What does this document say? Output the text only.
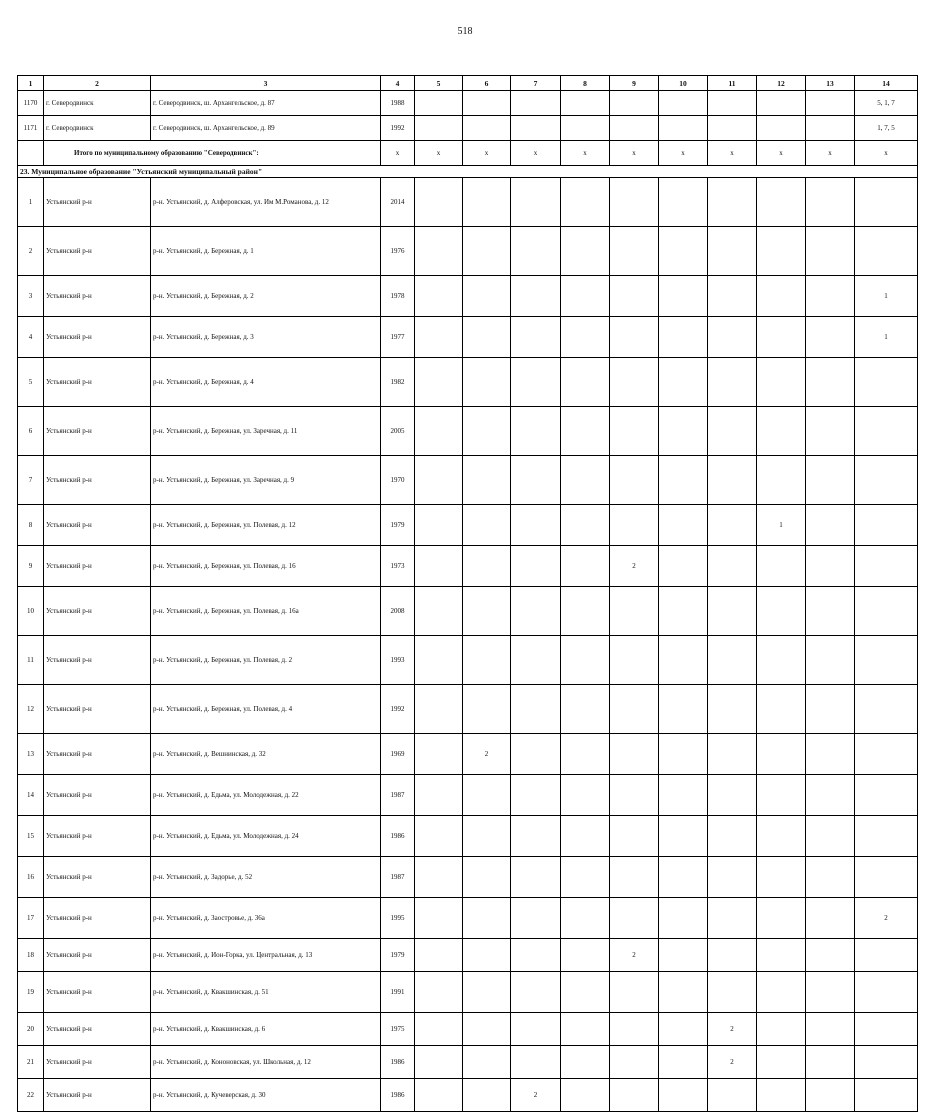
518
1	2	3	4	5	6	7	8	9	10	11	12	13	14	
1170	г. Северодвинск	г. Северодвинск, ш. Архангельское, д. 87	1988										5, 1, 7	
1171	г. Северодвинск	г. Северодвинск, ш. Архангельское, д. 89	1992										1, 7, 5	
	Итого по муниципальному образованию "Северодвинск":		x	x	x	x	x	x	x	x	x	x	x	
23. Муниципальное образование "Устьянский муниципальный район"														
1	Устьянский р-н	р-н. Устьянский, д. Алферовская, ул. Им М.Романова, д. 12	2014											
2	Устьянский р-н	р-н. Устьянский, д. Бережная, д. 1	1976											
3	Устьянский р-н	р-н. Устьянский, д. Бережная, д. 2	1978										1	
4	Устьянский р-н	р-н. Устьянский, д. Бережная, д. 3	1977										1	
5	Устьянский р-н	р-н. Устьянский, д. Бережная, д. 4	1982											
6	Устьянский р-н	р-н. Устьянский, д. Бережная, ул. Заречная, д. 11	2005											
7	Устьянский р-н	р-н. Устьянский, д. Бережная, ул. Заречная, д. 9	1970											
8	Устьянский р-н	р-н. Устьянский, д. Бережная, ул. Полевая, д. 12	1979								1			
9	Устьянский р-н	р-н. Устьянский, д. Бережная, ул. Полевая, д. 16	1973					2						
10	Устьянский р-н	р-н. Устьянский, д. Бережная, ул. Полевая, д. 16а	2008											
11	Устьянский р-н	р-н. Устьянский, д. Бережная, ул. Полевая, д. 2	1993											
12	Устьянский р-н	р-н. Устьянский, д. Бережная, ул. Полевая, д. 4	1992											
13	Устьянский р-н	р-н. Устьянский, д. Вешнинская, д. 32	1969		2									
14	Устьянский р-н	р-н. Устьянский, д. Едьма, ул. Молодежная, д. 22	1987											
15	Устьянский р-н	р-н. Устьянский, д. Едьма, ул. Молодежная, д. 24	1986											
16	Устьянский р-н	р-н. Устьянский, д. Задорье, д. 52	1987											
17	Устьянский р-н	р-н. Устьянский, д. Заостровье, д. 36а	1995										2	
18	Устьянский р-н	р-н. Устьянский, д. Ион-Горка, ул. Центральная, д. 13	1979					2						
19	Устьянский р-н	р-н. Устьянский, д. Квакшинская, д. 51	1991											
20	Устьянский р-н	р-н. Устьянский, д. Квакшинская, д. 6	1975							2				
21	Устьянский р-н	р-н. Устьянский, д. Кононовская, ул. Школьная, д. 12	1986							2				
22	Устьянский р-н	р-н. Устьянский, д. Кучеверская, д. 30	1986			2								
